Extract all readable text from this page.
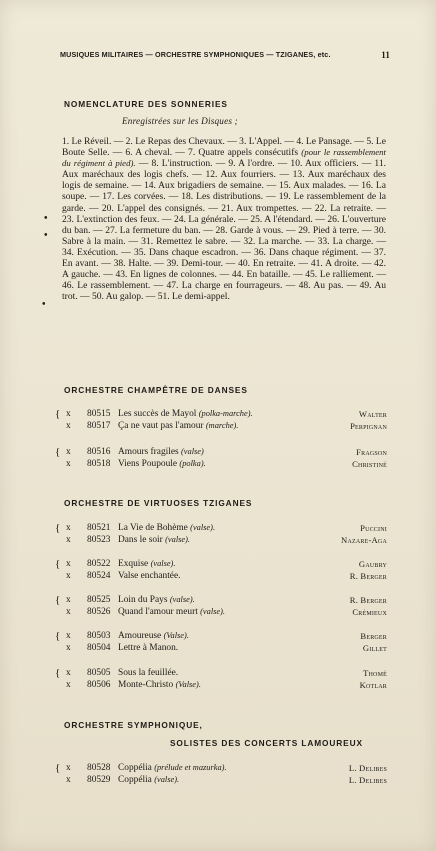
MUSIQUES MILITAIRES — ORCHESTRE SYMPHONIQUES — TZIGANES, etc.	11
NOMENCLATURE DES SONNERIES
Enregistrées sur les Disques ;
1. Le Réveil. — 2. Le Repas des Chevaux. — 3. L'Appel. — 4. Le Pansage. — 5. Le Boute Selle. — 6. A cheval. — 7. Quatre appels consécutifs (pour le rassemblement du régiment à pied). — 8. L'instruction. — 9. A l'ordre. — 10. Aux officiers. — 11. Aux maréchaux des logis chefs. — 12. Aux fourriers. — 13. Aux maréchaux des logis de semaine. — 14. Aux brigadiers de semaine. — 15. Aux malades. — 16. La soupe. — 17. Les corvées. — 18. Les distributions. — 19. Le rassemblement de la garde. — 20. L'appel des consignés. — 21. Aux trompettes. — 22. La retraite. — 23. L'extinction des feux. — 24. La générale. — 25. A l'étendard. — 26. L'ouverture du ban. — 27. La fermeture du ban. — 28. Garde à vous. — 29. Pied à terre. — 30. Sabre à la main. — 31. Remettez le sabre. — 32. La marche. — 33. La charge. — 34. Exécution. — 35. Dans chaque escadron. — 36. Dans chaque régiment. — 37. En avant. — 38. Halte. — 39. Demi-tour. — 40. En retraite. — 41. A droite. — 42. A gauche. — 43. En lignes de colonnes. — 44. En bataille. — 45. Le ralliement. — 46. Le rassemblement. — 47. La charge en fourrageurs. — 48. Au pas. — 49. Au trot. — 50. Au galop. — 51. Le demi-appel.
•
•
•
ORCHESTRE CHAMPÊTRE DE DANSES
{ x 80515 Les succès de Mayol (polka-marche).	Walter
x 80517 Ça ne vaut pas l'amour (marche).	Perpignan
{ x 80516 Amours fragiles (valse)	Fragson
x 80518 Viens Poupoule (polka).	Christiné
ORCHESTRE DE VIRTUOSES TZIGANES
{ x 80521 La Vie de Bohème (valse).	Puccini
x 80523 Dans le soir (valse).	Nazare-Aga
{ x 80522 Exquise (valse).	Gaubry
x 80524 Valse enchantée.	R. Berger
{ x 80525 Loin du Pays (valse).	R. Berger
x 80526 Quand l'amour meurt (valse).	Crémieux
{ x 80503 Amoureuse (Valse).	Berger
x 80504 Lettre à Manon.	Gillet
{ x 80505 Sous la feuillée.	Thomé
x 80506 Monte-Christo (Valse).	Kotlar
ORCHESTRE SYMPHONIQUE,
SOLISTES DES CONCERTS LAMOUREUX
{ x 80528 Coppélia (prélude et mazurka).	L. Delibes
x 80529 Coppélia (valse).	L. Delibes
